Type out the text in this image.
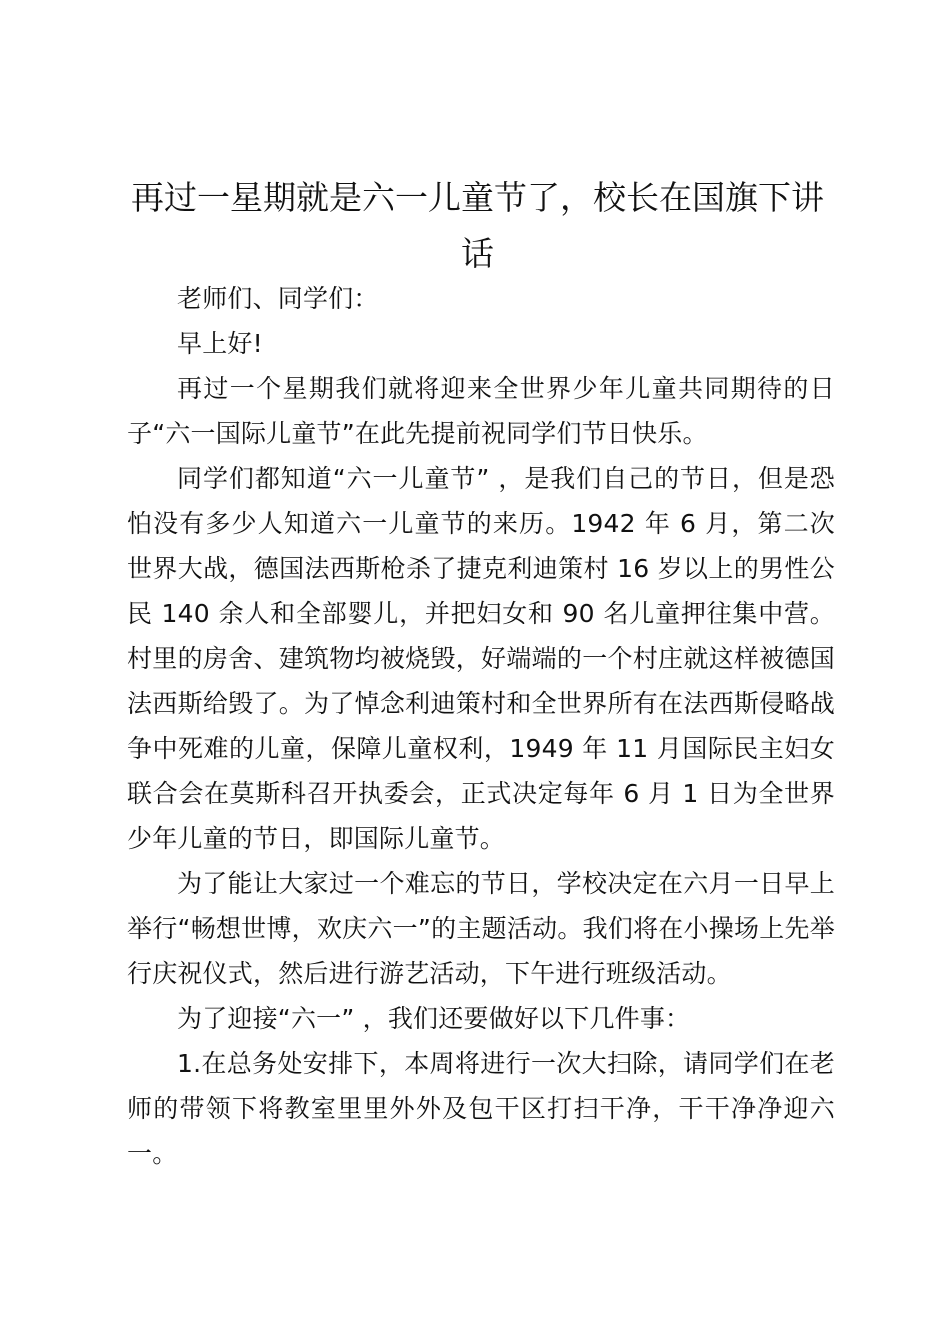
再过一星期就是六一儿童节了，校长在国旗下讲话

老师们、同学们：

早上好!

再过一个星期我们就将迎来全世界少年儿童共同期待的日子“六一国际儿童节”在此先提前祝同学们节日快乐。

同学们都知道“六一儿童节” ，是我们自己的节日，但是恐怕没有多少人知道六一儿童节的来历。1942 年 6 月，第二次世界大战，德国法西斯枪杀了捷克利迪策村 16 岁以上的男性公民 140 余人和全部婴儿，并把妇女和 90 名儿童押往集中营。村里的房舍、建筑物均被烧毁，好端端的一个村庄就这样被德国法西斯给毁了。为了悼念利迪策村和全世界所有在法西斯侵略战争中死难的儿童，保障儿童权利，1949 年 11 月国际民主妇女联合会在莫斯科召开执委会，正式决定每年 6 月 1 日为全世界少年儿童的节日，即国际儿童节。

为了能让大家过一个难忘的节日，学校决定在六月一日早上举行“畅想世博，欢庆六一”的主题活动。我们将在小操场上先举行庆祝仪式，然后进行游艺活动，下午进行班级活动。

为了迎接“六一” ，我们还要做好以下几件事：

1.在总务处安排下，本周将进行一次大扫除，请同学们在老师的带领下将教室里里外外及包干区打扫干净，干干净净迎六一。
